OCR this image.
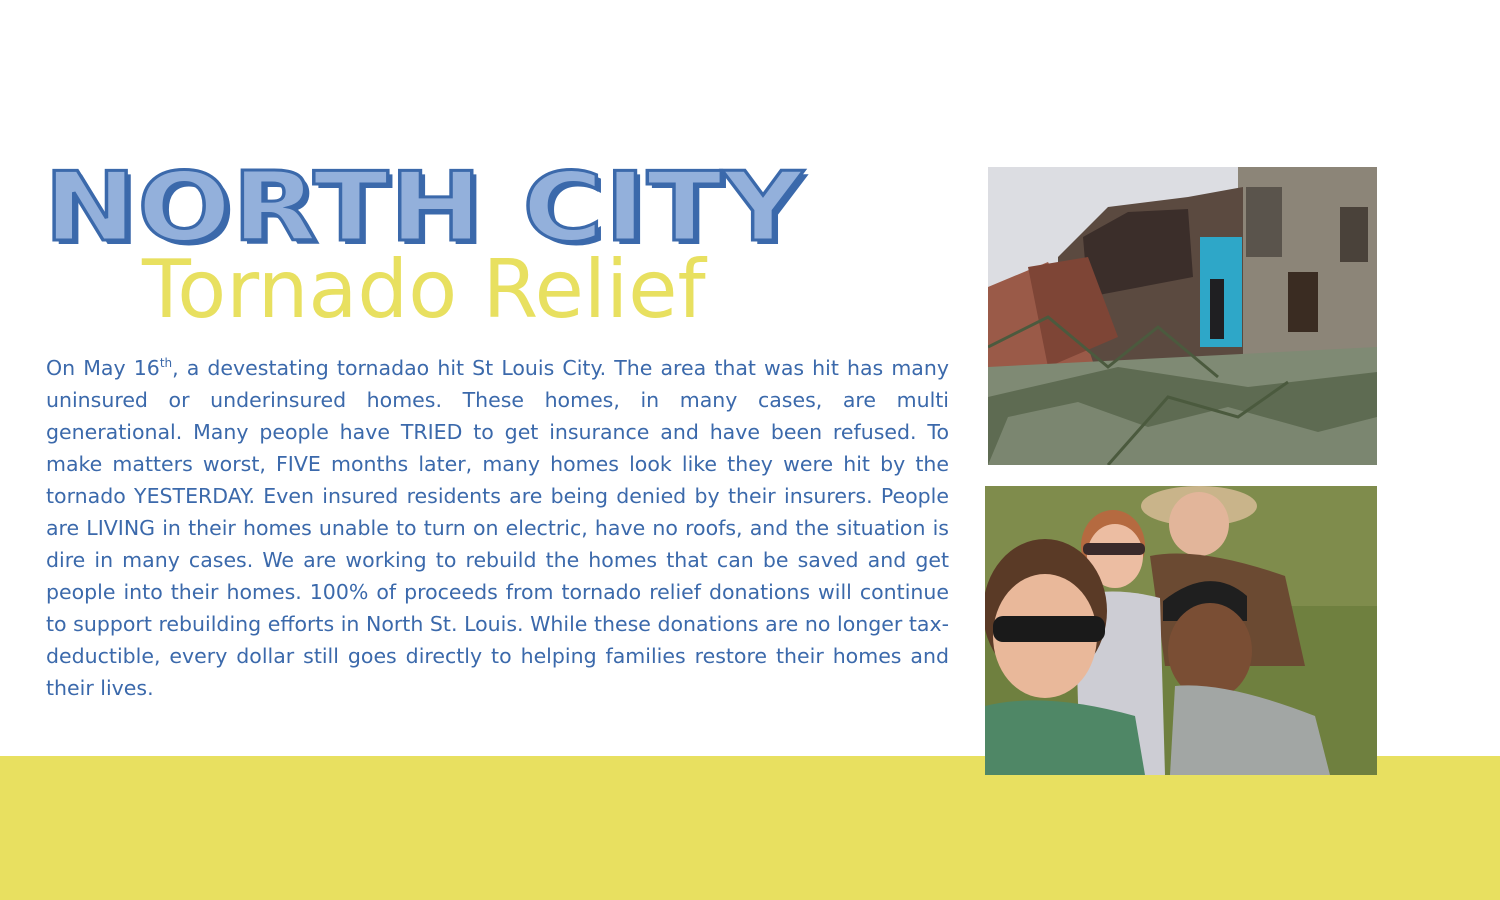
NORTH CITY
Tornado Relief

On May 16th, a devestating tornadao hit St Louis City. The area that was hit has many uninsured or underinsured homes. These homes, in many cases, are multi generational. Many people have TRIED to get insurance and have been refused. To make matters worst, FIVE months later, many homes look like they were hit by the tornado YESTERDAY. Even insured residents are being denied by their insurers. People are LIVING in their homes unable to turn on electric, have no roofs, and the situation is dire in many cases. We are working to rebuild the homes that can be saved and get people into their homes. 100% of proceeds from tornado relief donations will continue to support rebuilding efforts in North St. Louis. While these donations are no longer tax-deductible, every dollar still goes directly to helping families restore their homes and their lives.
